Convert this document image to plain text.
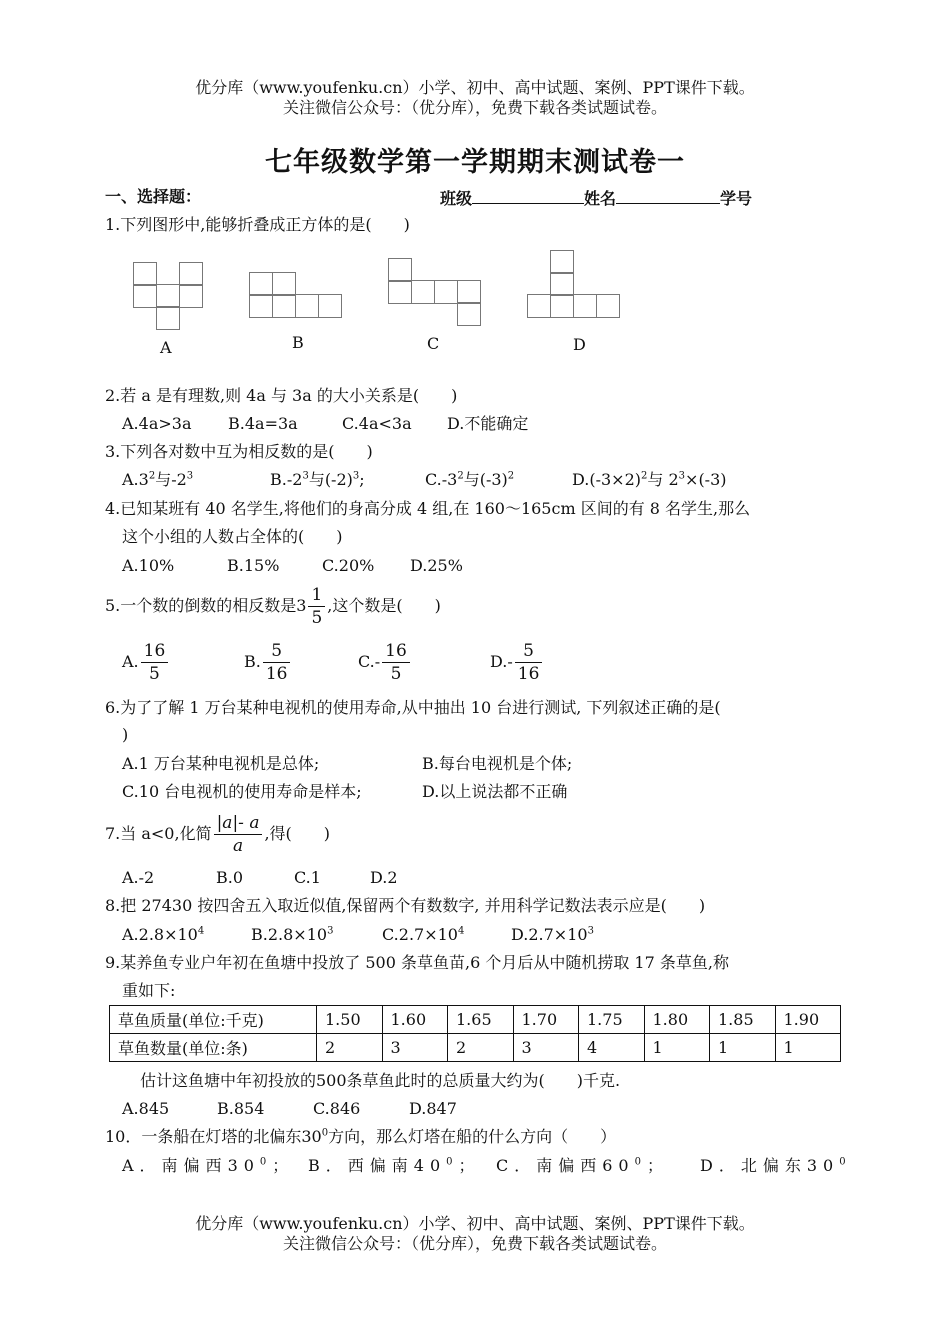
优分库（www.youfenku.cn）小学、初中、高中试题、案例、PPT课件下载。
关注微信公众号：（优分库），免费下载各类试题试卷。
七年级数学第一学期期末测试卷一
一、选择题：	班级	姓名	学号
1.下列图形中,能够折叠成正方体的是(　　)
A	B	C	D
2.若 a 是有理数,则 4a 与 3a 的大小关系是(　　)
A.4a>3a B.4a=3a	C.4a<3a D.不能确定
3.下列各对数中互为相反数的是(　　)
$A.3^2$与$-2^3$	$B.-2^3$与$(-2)^3$;	$C.-3^2$与$(-3)^2$	$D.(-3\times 2)^2$与 $2^3\times(-3)$
4.已知某班有 40 名学生,将他们的身高分成 4 组,在 160～165cm 区间的有 8 名学生,那么
这个小组的人数占全体的(　　)
A.10%	B.15%	C.20% D.25%
5.一个数的倒数的相反数是$3 \frac{1}{5}$ ,这个数是(　　)
A. $\frac{16}{5}$	B. $\frac{5}{16}$	$C.- \frac{16}{5}$	$D.- \frac{5}{16}$
6.为了了解 1 万台某种电视机的使用寿命,从中抽出 10 台进行测试, 下列叙述正确的是(
)
A.1 万台某种电视机是总体;	B.每台电视机是个体;
C.10 台电视机的使用寿命是样本;	D.以上说法都不正确
7.当 a<0,化简 $\frac{|a|- a}{a}$ ,得(　　)
A.-2	B.0	C.1	D.2
8.把 27430 按四舍五入取近似值,保留两个有数数字, 并用科学记数法表示应是(　　)
$A.2.8\times 10^4$	$B.2.8\times 10^3$	$C.2.7\times 10^4$	$D.2.7\times 10^3$
9.某养鱼专业户年初在鱼塘中投放了 500 条草鱼苗,6 个月后从中随机捞取 17 条草鱼,称
重如下:
草鱼质量(单位:千克)	1.50	1.60	1.65	1.70	1.75	1.80	1.85	1.90
草鱼数量(单位:条)	2	3	2	3	4	1	1	1
估计这鱼塘中年初投放的500条草鱼此时的总质量大约为(　　)千克.
A.845	B.854	C.846	D.847
10．一条船在灯塔的北偏东$30^0$方向，那么灯塔在船的什么方向（　　）
A．南偏西$30^0$； B．西偏南$40^0$； C．南偏西$60^0$； D．北偏东$30^0$
优分库（www.youfenku.cn）小学、初中、高中试题、案例、PPT课件下载。
关注微信公众号：（优分库），免费下载各类试题试卷。
